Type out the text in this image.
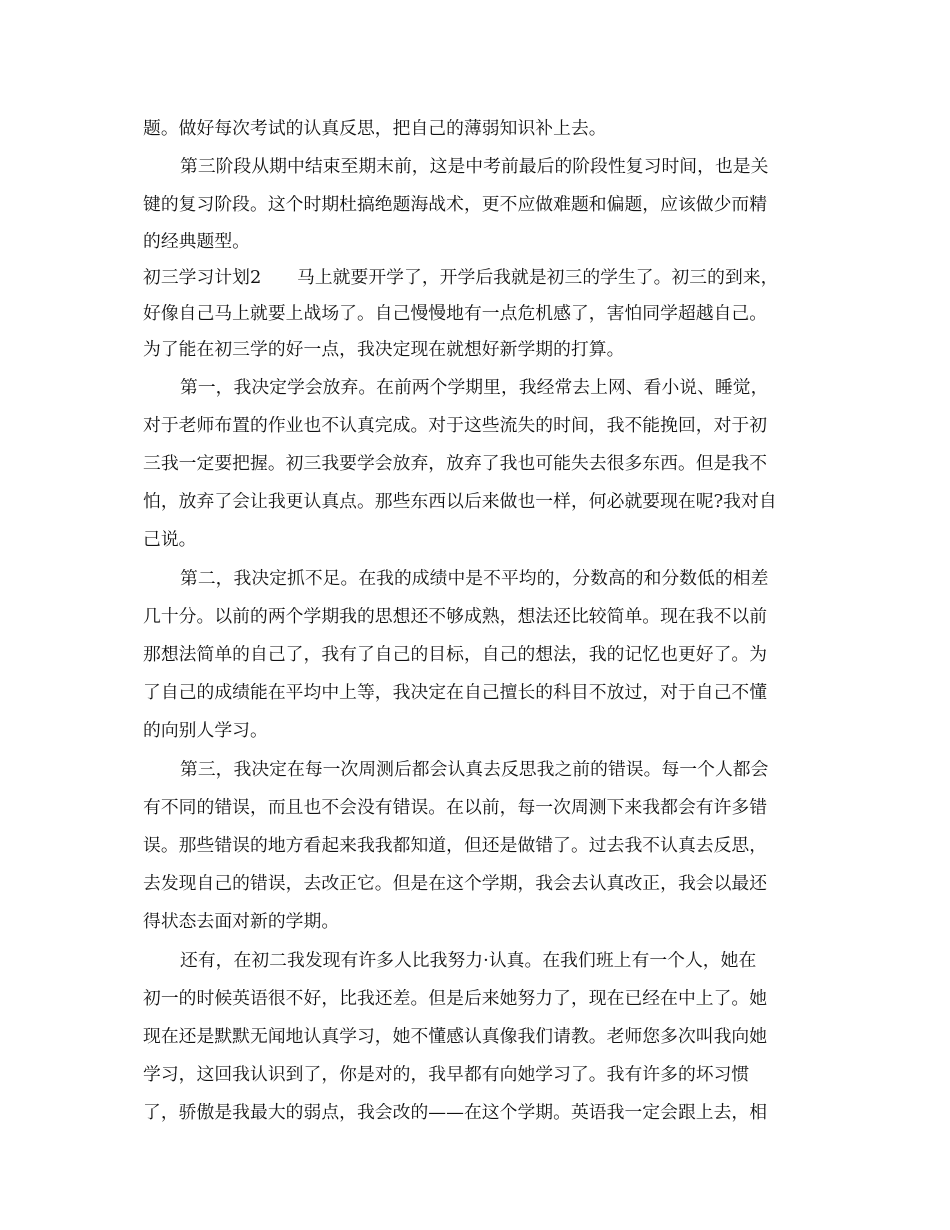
题。做好每次考试的认真反思，把自己的薄弱知识补上去。
第三阶段从期中结束至期末前，这是中考前最后的阶段性复习时间，也是关
键的复习阶段。这个时期杜搞绝题海战术，更不应做难题和偏题，应该做少而精
的经典题型。
初三学习计划2　　马上就要开学了，开学后我就是初三的学生了。初三的到来，
好像自己马上就要上战场了。自己慢慢地有一点危机感了，害怕同学超越自己。
为了能在初三学的好一点，我决定现在就想好新学期的打算。
第一，我决定学会放弃。在前两个学期里，我经常去上网、看小说、睡觉，
对于老师布置的作业也不认真完成。对于这些流失的时间，我不能挽回，对于初
三我一定要把握。初三我要学会放弃，放弃了我也可能失去很多东西。但是我不
怕，放弃了会让我更认真点。那些东西以后来做也一样，何必就要现在呢?我对自
己说。
第二，我决定抓不足。在我的成绩中是不平均的，分数高的和分数低的相差
几十分。以前的两个学期我的思想还不够成熟，想法还比较简单。现在我不以前
那想法简单的自己了，我有了自己的目标，自己的想法，我的记忆也更好了。为
了自己的成绩能在平均中上等，我决定在自己擅长的科目不放过，对于自己不懂
的向别人学习。
第三，我决定在每一次周测后都会认真去反思我之前的错误。每一个人都会
有不同的错误，而且也不会没有错误。在以前，每一次周测下来我都会有许多错
误。那些错误的地方看起来我我都知道，但还是做错了。过去我不认真去反思，
去发现自己的错误，去改正它。但是在这个学期，我会去认真改正，我会以最还
得状态去面对新的学期。
还有，在初二我发现有许多人比我努力·认真。在我们班上有一个人，她在
初一的时候英语很不好，比我还差。但是后来她努力了，现在已经在中上了。她
现在还是默默无闻地认真学习，她不懂感认真像我们请教。老师您多次叫我向她
学习，这回我认识到了，你是对的，我早都有向她学习了。我有许多的坏习惯
了，骄傲是我最大的弱点，我会改的——在这个学期。英语我一定会跟上去，相
